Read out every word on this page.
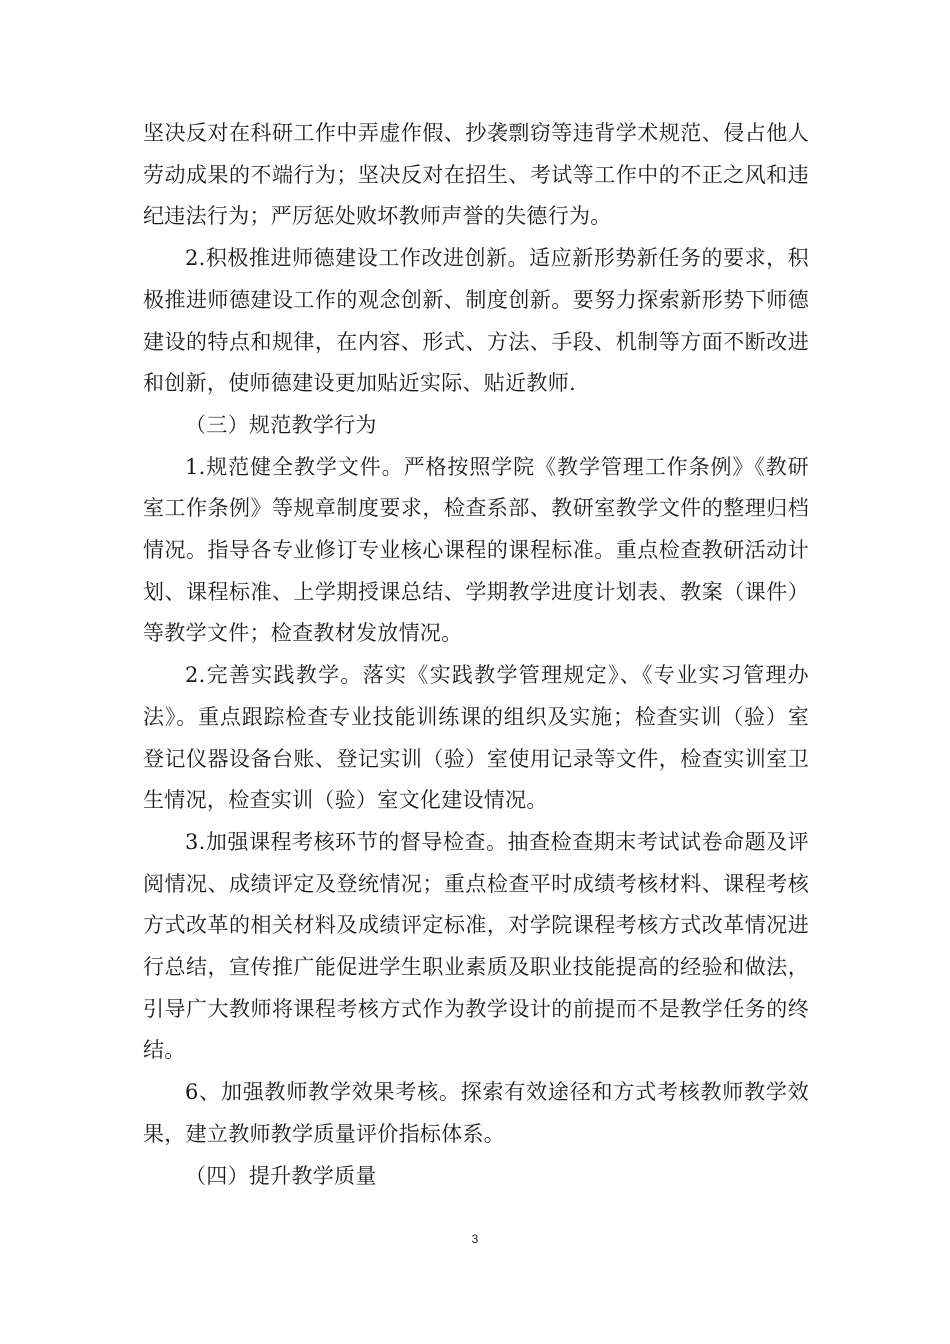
坚决反对在科研工作中弄虚作假、抄袭剽窃等违背学术规范、侵占他人劳动成果的不端行为；坚决反对在招生、考试等工作中的不正之风和违纪违法行为；严厉惩处败坏教师声誉的失德行为。

2.积极推进师德建设工作改进创新。适应新形势新任务的要求，积极推进师德建设工作的观念创新、制度创新。要努力探索新形势下师德建设的特点和规律，在内容、形式、方法、手段、机制等方面不断改进和创新，使师德建设更加贴近实际、贴近教师.

（三）规范教学行为

1.规范健全教学文件。严格按照学院《教学管理工作条例》《教研室工作条例》等规章制度要求，检查系部、教研室教学文件的整理归档情况。指导各专业修订专业核心课程的课程标准。重点检查教研活动计划、课程标准、上学期授课总结、学期教学进度计划表、教案（课件）等教学文件；检查教材发放情况。

2.完善实践教学。落实《实践教学管理规定》、《专业实习管理办法》。重点跟踪检查专业技能训练课的组织及实施；检查实训（验）室登记仪器设备台账、登记实训（验）室使用记录等文件，检查实训室卫生情况，检查实训（验）室文化建设情况。

3.加强课程考核环节的督导检查。抽查检查期末考试试卷命题及评阅情况、成绩评定及登统情况；重点检查平时成绩考核材料、课程考核方式改革的相关材料及成绩评定标准，对学院课程考核方式改革情况进行总结，宣传推广能促进学生职业素质及职业技能提高的经验和做法，引导广大教师将课程考核方式作为教学设计的前提而不是教学任务的终结。

6、加强教师教学效果考核。探索有效途径和方式考核教师教学效果，建立教师教学质量评价指标体系。

（四）提升教学质量

3
